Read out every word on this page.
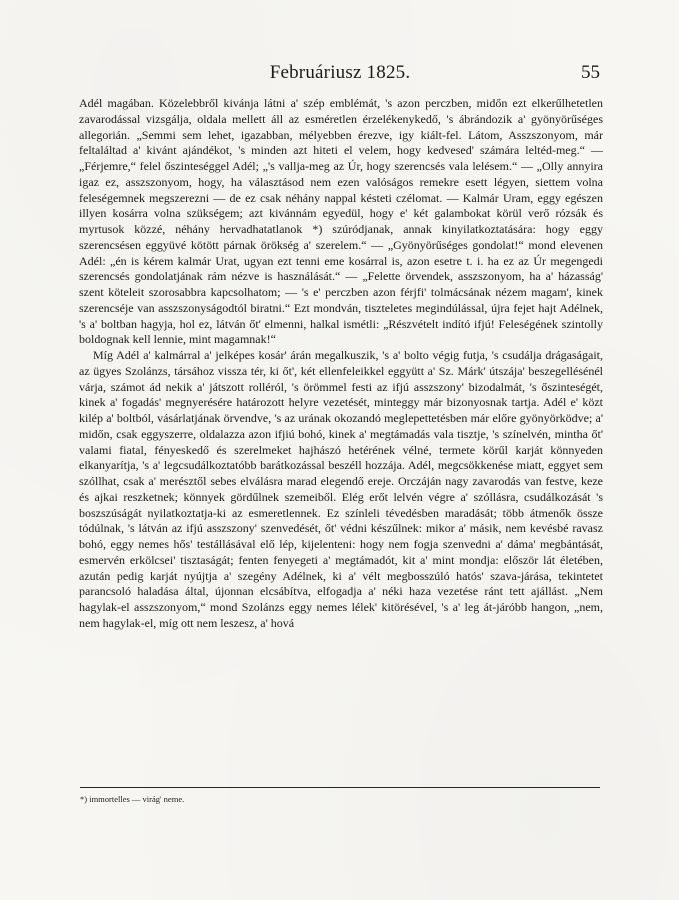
Februáriusz 1825.	55

Adél magában. Közelebbről kivánja látni a' szép emblémát, 's azon perczben, midőn ezt elkerűlhetetlen zavarodással vizsgálja, oldala mellett áll az esméretlen érzelékenykedő, 's ábrándozik a' gyönyörűséges allegorián. „Semmi sem lehet, igazabban, mélyebben érezve, igy kiált-fel. Látom, Asszszonyom, már feltaláltad a' kivánt ajándékot, 's minden azt hiteti el velem, hogy kedvesed' számára leltéd-meg.“ — „Férjemre,“ felel őszinteséggel Adél; „'s vallja-meg az Úr, hogy szerencsés vala lelésem.“ — „Olly annyira igaz ez, asszszonyom, hogy, ha választásod nem ezen valóságos remekre esett légyen, siettem volna feleségemnek megszerezni — de ez csak néhány nappal késteti czélomat. — Kalmár Uram, eggy egészen illyen kosárra volna szükségem; azt kivánnám egyedül, hogy e' két galambokat körül verő rózsák és myrtusok közzé, néhány hervadhatatlanok *) szúródjanak, annak kinyilatkoztatására: hogy eggy szerencsésen eggyüvé kötött párnak örökség a' szerelem.“ — „Gyönyörűséges gondolat!“ mond elevenen Adél: „én is kérem kalmár Urat, ugyan ezt tenni eme kosárral is, azon esetre t. i. ha ez az Úr megengedi szerencsés gondolatjának rám nézve is használását.“ — „Felette örvendek, asszszonyom, ha a' házasság' szent köteleit szorosabbra kapcsolhatom; — 's e' perczben azon férjfi' tolmácsának nézem magam', kinek szerencséje van asszszonyságodtól biratni.“ Ezt mondván, tiszteletes megindúlással, újra fejet hajt Adélnek, 's a' boltban hagyja, hol ez, látván őt' elmenni, halkal ismétli: „Részvételt indító ifjú! Feleségének szintolly boldognak kell lennie, mint magamnak!“

Míg Adél a' kalmárral a' jelképes kosár' árán megalkuszik, 's a' bolto végig futja, 's csudálja drágaságait, az ügyes Szolánzs, társához vissza tér, ki őt', két ellenfeleikkel eggyütt a' Sz. Márk' útszája' beszegellésénél várja, számot ád nekik a' játszott rolléról, 's örömmel festi az ifjú asszszony' bizodalmát, 's őszinteségét, kinek a' fogadás' megnyerésére határozott helyre vezetését, minteggy már bizonyosnak tartja. Adél e' közt kilép a' boltból, vásárlatjának örvendve, 's az urának okozandó meglepettetésben már előre gyönyörködve; a' midőn, csak eggyszerre, oldalazza azon ifjiú bohó, kinek a' megtámadás vala tisztje, 's színelvén, mintha őt' valami fiatal, fényeskedő és szerelmeket hajhászó hetérének vélné, termete körűl karját könnyeden elkanyarítja, 's a' legcsudálkoztatóbb barátkozással beszéll hozzája. Adél, megcsökkenése miatt, eggyet sem szóllhat, csak a' merésztől sebes elválásra marad elegendő ereje. Orczáján nagy zavarodás van festve, keze és ajkai reszketnek; könnyek gördűlnek szemeiből. Elég erőt lelvén végre a' szóllásra, csudálkozását 's boszszúságát nyilatkoztatja-ki az esmeretlennek. Ez színleli tévedésben maradását; több átmenők össze tódúlnak, 's látván az ifjú asszszony' szenvedését, őt' védni készűlnek: mikor a' másik, nem kevésbé ravasz bohó, eggy nemes hős' testállásával elő lép, kijelenteni: hogy nem fogja szenvedni a' dáma' megbántását, esmervén erkölcsei' tisztaságát; fenten fenyegeti a' megtámadót, kit a' mint mondja: először lát életében, azután pedig karját nyújtja a' szegény Adélnek, ki a' vélt megbosszúló hatós' szava-járása, tekintetet parancsoló haladása által, újonnan elcsábítva, elfogadja a' néki haza vezetése ránt tett ajállást. „Nem hagylak-el asszszonyom,“ mond Szolánzs eggy nemes lélek' kitörésével, 's a' leg át-járóbb hangon, „nem, nem hagylak-el, míg ott nem leszesz, a' hová

*) immortelles — virág' neme.
